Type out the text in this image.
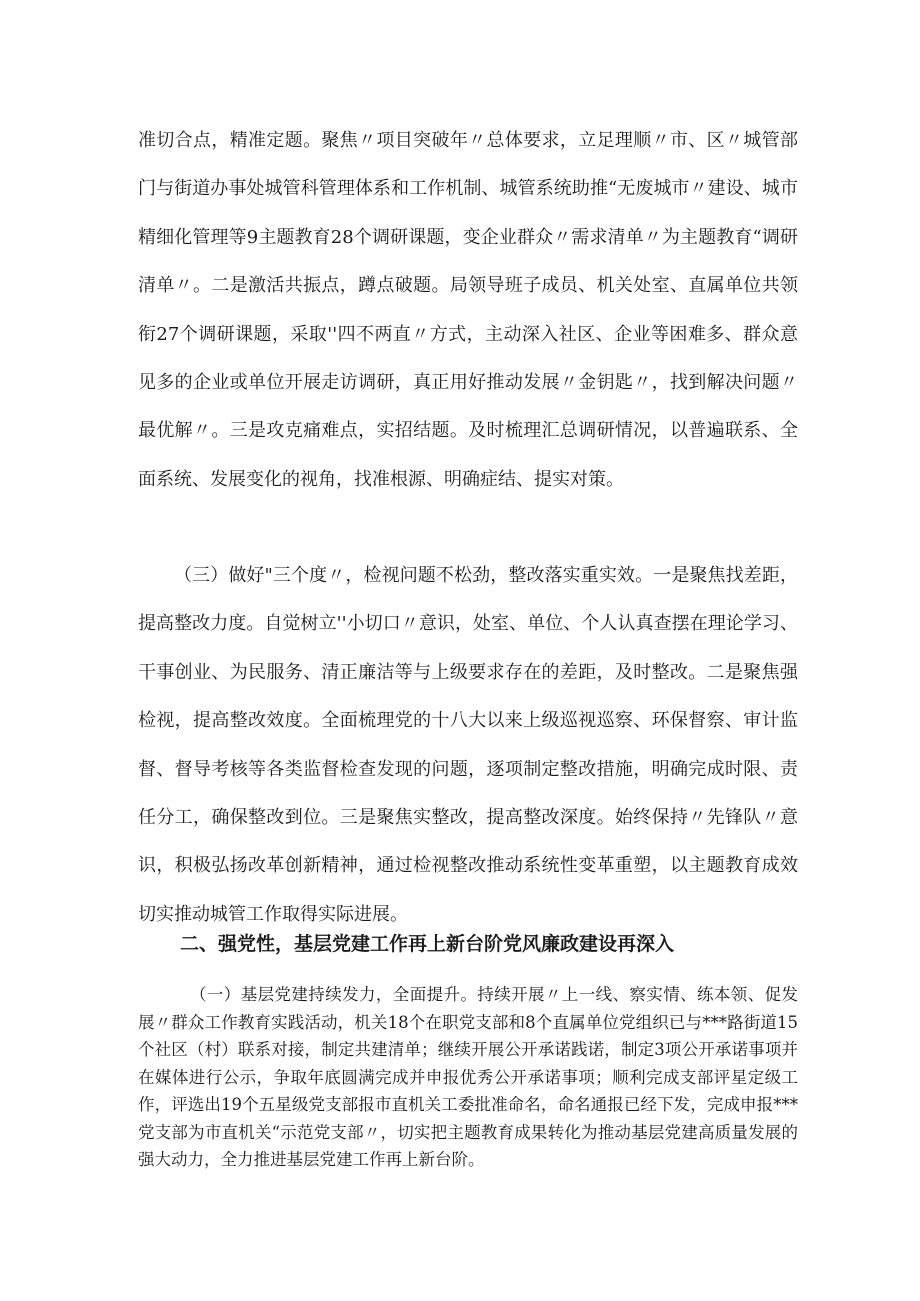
准切合点，精准定题。聚焦〃项目突破年〃总体要求，立足理顺〃市、区〃城管部门与街道办事处城管科管理体系和工作机制、城管系统助推“无废城市〃建设、城市精细化管理等9主题教育28个调研课题，变企业群众〃需求清单〃为主题教育“调研清单〃。二是激活共振点，蹲点破题。局领导班子成员、机关处室、直属单位共领衔27个调研课题，采取''四不两直〃方式，主动深入社区、企业等困难多、群众意见多的企业或单位开展走访调研，真正用好推动发展〃金钥匙〃，找到解决问题〃最优解〃。三是攻克痛难点，实招结题。及时梳理汇总调研情况，以普遍联系、全面系统、发展变化的视角，找准根源、明确症结、提实对策。

（三）做好"三个度〃，检视问题不松劲，整改落实重实效。一是聚焦找差距，提高整改力度。自觉树立''小切口〃意识，处室、单位、个人认真查摆在理论学习、干事创业、为民服务、清正廉洁等与上级要求存在的差距，及时整改。二是聚焦强检视，提高整改效度。全面梳理党的十八大以来上级巡视巡察、环保督察、审计监督、督导考核等各类监督检查发现的问题，逐项制定整改措施，明确完成时限、责任分工，确保整改到位。三是聚焦实整改，提高整改深度。始终保持〃先锋队〃意识，积极弘扬改革创新精神，通过检视整改推动系统性变革重塑，以主题教育成效切实推动城管工作取得实际进展。

二、强党性，基层党建工作再上新台阶党风廉政建设再深入

（一）基层党建持续发力，全面提升。持续开展〃上一线、察实情、练本领、促发展〃群众工作教育实践活动，机关18个在职党支部和8个直属单位党组织已与***路街道15个社区（村）联系对接，制定共建清单；继续开展公开承诺践诺，制定3项公开承诺事项并在媒体进行公示，争取年底圆满完成并申报优秀公开承诺事项；顺利完成支部评星定级工作，评选出19个五星级党支部报市直机关工委批准命名，命名通报已经下发，完成申报***党支部为市直机关“示范党支部〃，切实把主题教育成果转化为推动基层党建高质量发展的强大动力，全力推进基层党建工作再上新台阶。
